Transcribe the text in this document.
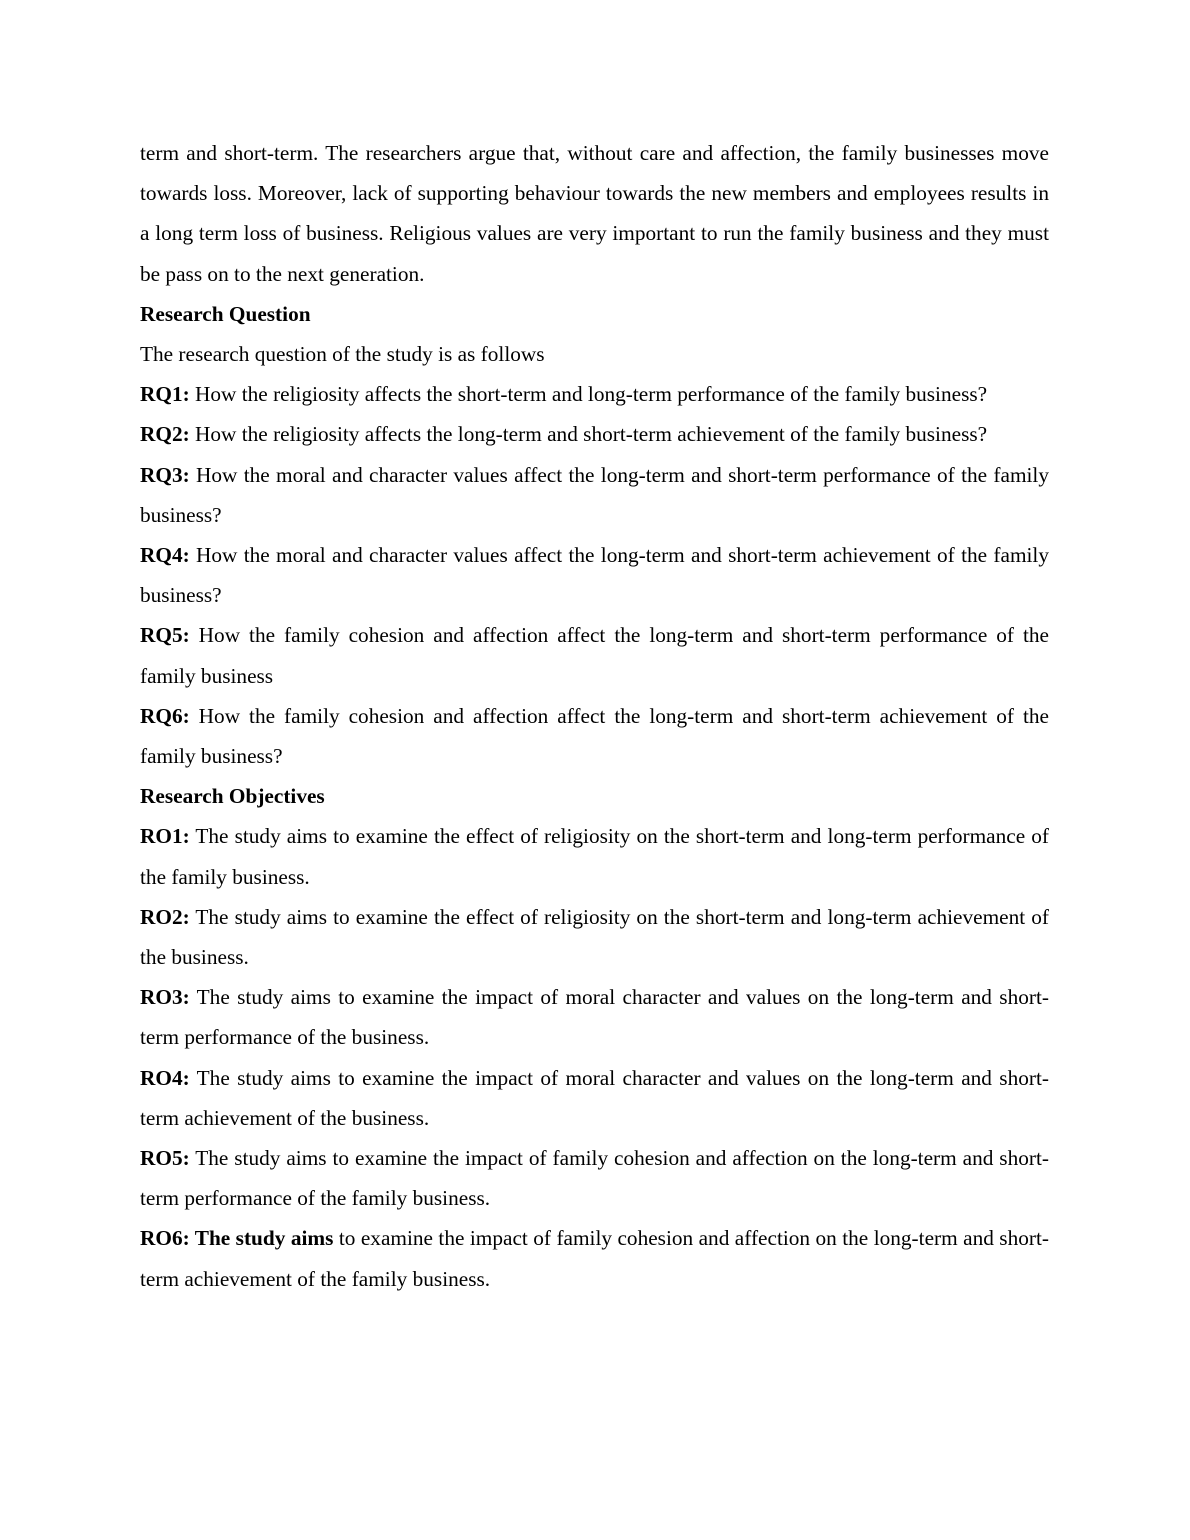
term and short-term. The researchers argue that, without care and affection, the family businesses move towards loss. Moreover, lack of supporting behaviour towards the new members and employees results in a long term loss of business. Religious values are very important to run the family business and they must be pass on to the next generation.

Research Question

The research question of the study is as follows

RQ1: How the religiosity affects the short-term and long-term performance of the family business?

RQ2: How the religiosity affects the long-term and short-term achievement of the family business?

RQ3: How the moral and character values affect the long-term and short-term performance of the family business?

RQ4: How the moral and character values affect the long-term and short-term achievement of the family business?

RQ5: How the family cohesion and affection affect the long-term and short-term performance of the family business

RQ6: How the family cohesion and affection affect the long-term and short-term achievement of the family business?

Research Objectives

RO1: The study aims to examine the effect of religiosity on the short-term and long-term performance of the family business.

RO2: The study aims to examine the effect of religiosity on the short-term and long-term achievement of the business.

RO3: The study aims to examine the impact of moral character and values on the long-term and short-term performance of the business.

RO4: The study aims to examine the impact of moral character and values on the long-term and short-term achievement of the business.

RO5: The study aims to examine the impact of family cohesion and affection on the long-term and short-term performance of the family business.

RO6: The study aims to examine the impact of family cohesion and affection on the long-term and short-term achievement of the family business.
